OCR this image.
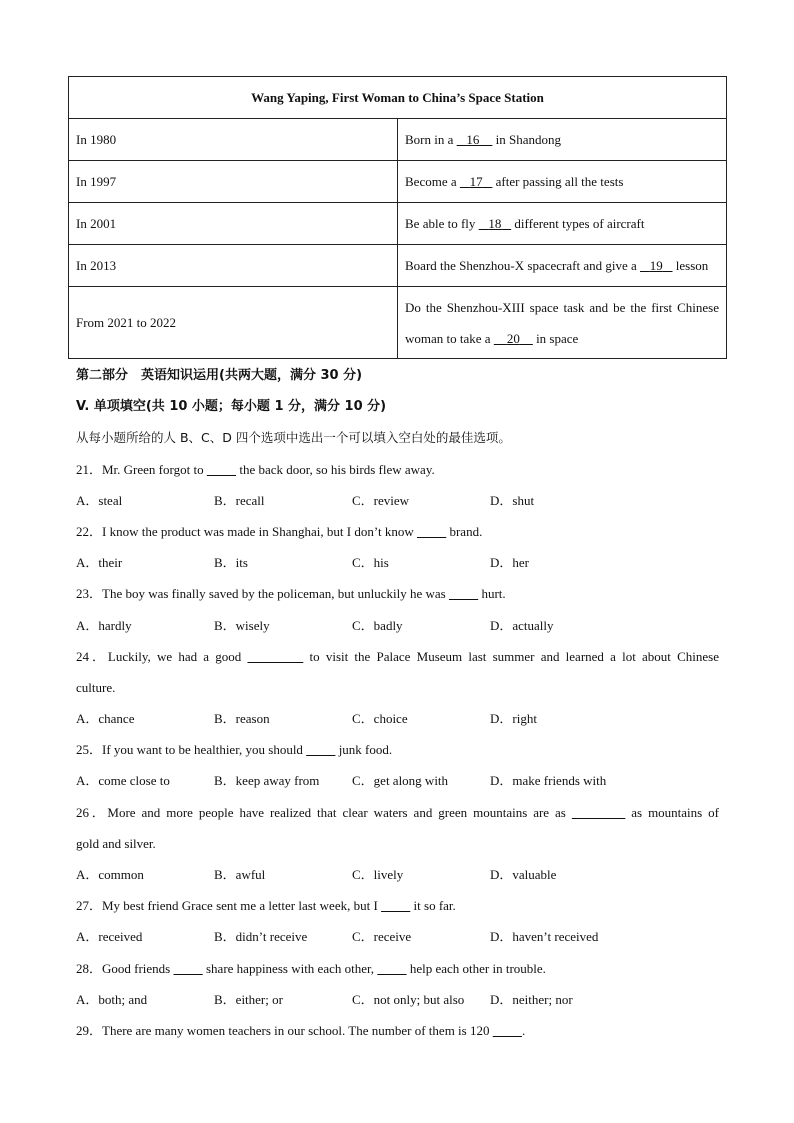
Wang Yaping, First Woman to China’s Space Station	
In 1980	Born in a    16     in Shandong
In 1997	Become a    17    after passing all the tests
In 2001	Be able to fly    18    different types of aircraft
In 2013	Board the Shenzhou-X spacecraft and give a    19    lesson
From 2021 to 2022	Do the Shenzhou-XIII space task and be the first Chinese woman to take a     20     in space
第二部分　英语知识运用(共两大题，满分 30 分)
V. 单项填空(共 10 小题；每小题 1 分，满分 10 分)
从每小题所给的人 B、C、D 四个选项中选出一个可以填入空白处的最佳选项。
21．Mr. Green forgot to           the back door, so his birds flew away.
A．steal	B．recall	C．review	D．shut
22．I know the product was made in Shanghai, but I don’t know           brand.
A．their	B．its	C．his	D．her
23．The boy was finally saved by the policeman, but unluckily he was           hurt.
A．hardly	B．wisely	C．badly	D．actually
24．Luckily, we had a good	to visit the Palace Museum last summer and learned a lot about Chinese
culture.
A．chance	B．reason	C．choice	D．right
25．If you want to be healthier, you should           junk food.
A．come close to	B．keep away from	C．get along with	D．make friends with
26．More and more people have realized that clear waters and green mountains are as	as mountains of
gold and silver.
A．common	B．awful	C．lively	D．valuable
27．My best friend Grace sent me a letter last week, but I           it so far.
A．received	B．didn’t receive	C．receive	D．haven’t received
28．Good friends           share happiness with each other,           help each other in trouble.
A．both; and	B．either; or	C．not only; but also	D．neither; nor
29．There are many women teachers in our school. The number of them is 120          .
